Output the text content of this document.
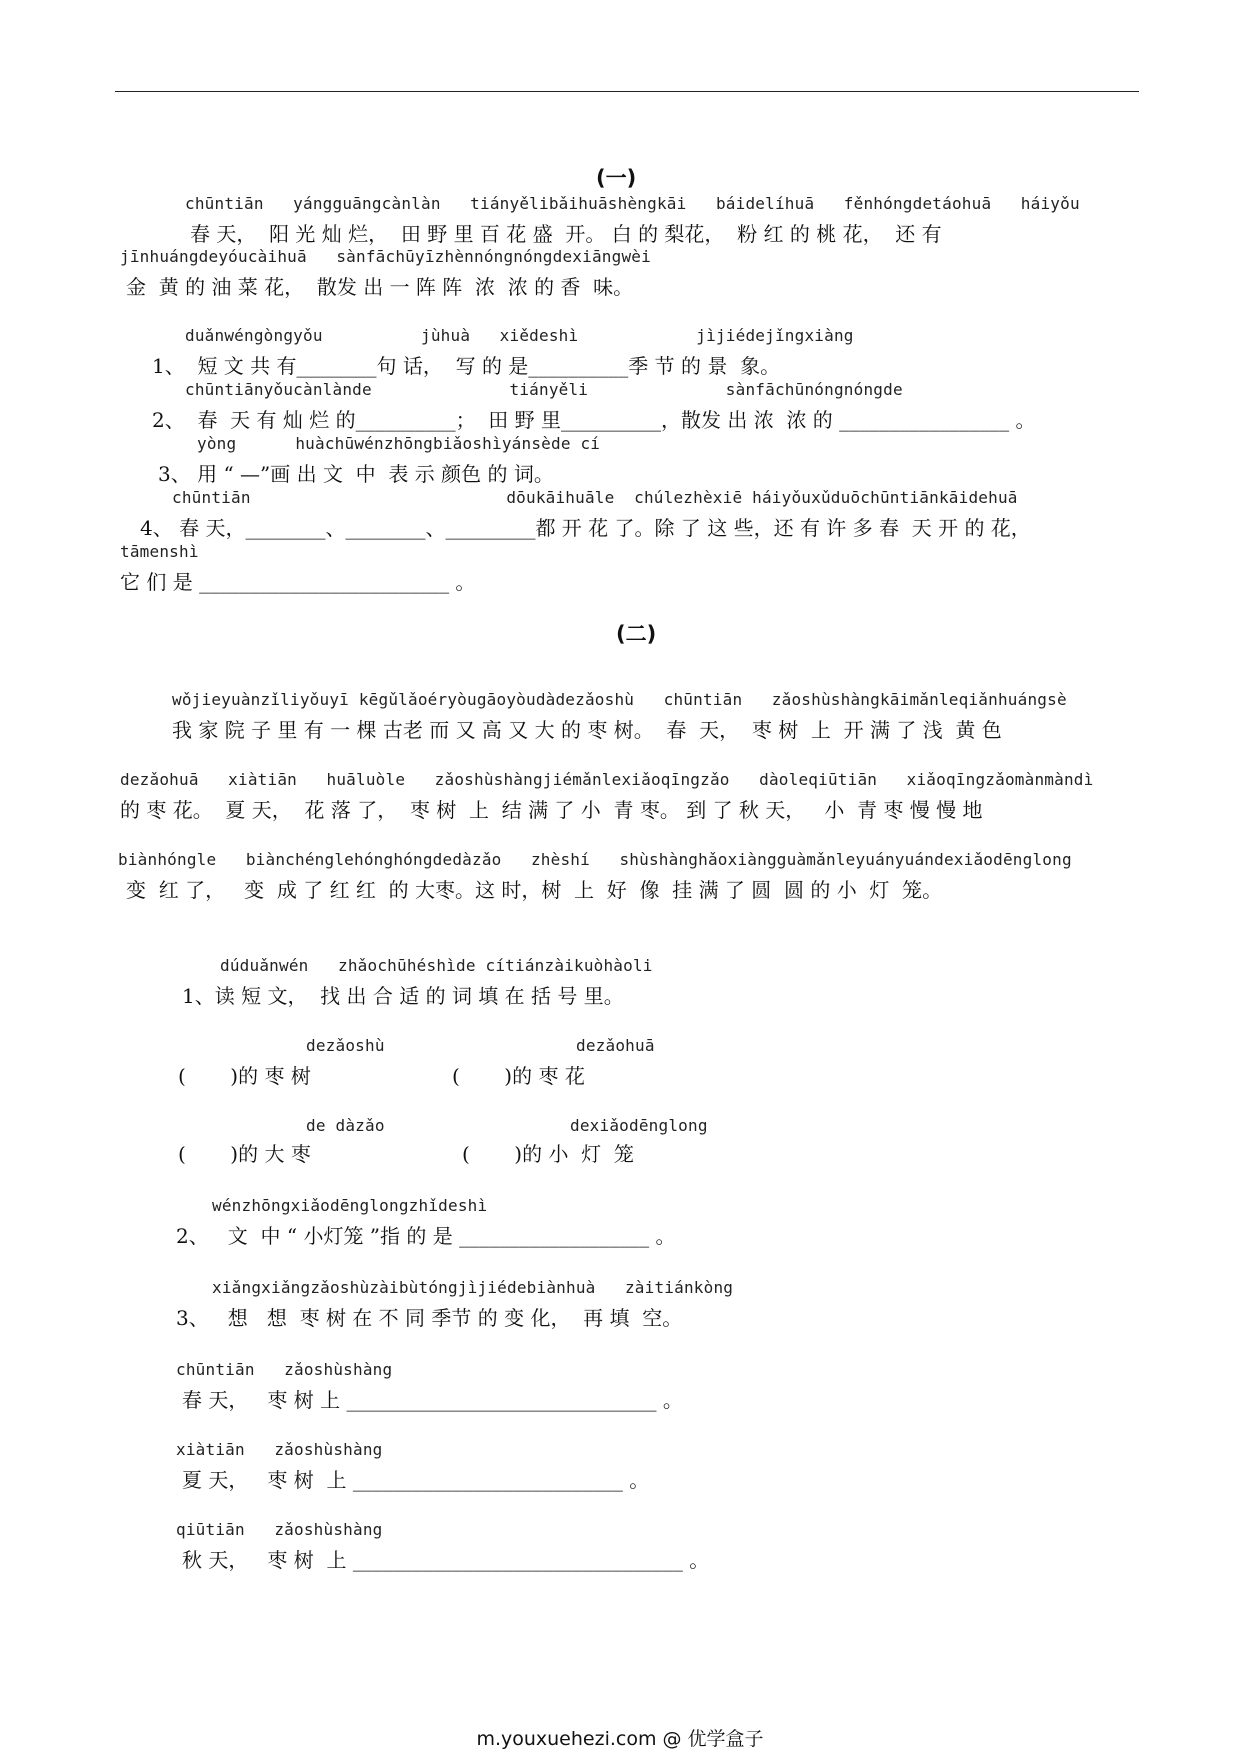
(一)
chūntiān   yángguāngcànlàn   tiányělibǎihuāshèngkāi   báidelíhuā   fěnhóngdetáohuā   háiyǒu
春 天，  阳 光 灿 烂，  田 野 里 百 花 盛  开。 白 的 梨花，  粉 红 的 桃 花，  还 有
jīnhuángdeyóucàihuā   sànfāchūyīzhènnóngnóngdexiāngwèi
金  黄 的 油 菜 花，  散发 出 一 阵 阵  浓  浓 的 香  味。
duǎnwéngòngyǒu          jùhuà   xiědeshì            jìjiédejǐngxiàng
1、  短 文 共 有________句 话，  写 的 是__________季 节 的 景  象。
chūntiānyǒucànlànde              tiányěli              sànfāchūnóngnóngde
2、  春  天 有 灿 烂 的__________；  田 野 里__________，散发 出 浓  浓 的 _________________ 。
yòng      huàchūwénzhōngbiǎoshìyánsède cí
3、 用 “ —”画 出 文  中  表 示 颜色 的 词。
chūntiān                          dōukāihuāle  chúlezhèxiē háiyǒuxǔduōchūntiānkāidehuā
4、 春 天，________、________、_________都 开 花 了。除 了 这 些，还 有 许 多 春  天 开 的 花，
tāmenshì
它 们 是 _________________________ 。
(二)
wǒjieyuànzǐliyǒuyī kēgǔlǎoéryòugāoyòudàdezǎoshù   chūntiān   zǎoshùshàngkāimǎnleqiǎnhuángsè
我 家 院 子 里 有 一 棵 古老 而 又 高 又 大 的 枣 树。  春  天，  枣 树  上  开 满 了 浅  黄 色
dezǎohuā   xiàtiān   huāluòle   zǎoshùshàngjiémǎnlexiǎoqīngzǎo   dàoleqiūtiān   xiǎoqīngzǎomànmàndì
的 枣 花。  夏 天，  花 落 了，  枣 树  上  结 满 了 小  青 枣。 到 了 秋 天，   小  青 枣 慢 慢 地
biànhóngle   biànchénglehónghóngdedàzǎo   zhèshí   shùshànghǎoxiàngguàmǎnleyuányuándexiǎodēnglong
变  红 了，   变  成 了 红 红  的 大枣。这 时，树  上  好  像  挂 满 了 圆  圆 的 小  灯  笼。
dúduǎnwén   zhǎochūhéshìde cítiánzàikuòhàoli
1、读 短 文，  找 出 合 适 的 词 填 在 括 号 里。
dezǎoshù
(       )的 枣 树
dezǎohuā
(       )的 枣 花
de dàzǎo
(       )的 大 枣
dexiǎodēnglong
(       )的 小  灯  笼
wénzhōngxiǎodēnglongzhǐdeshì
2、   文  中 “ 小灯笼 ”指 的 是 ___________________ 。
xiǎngxiǎngzǎoshùzàibùtóngjìjiédebiànhuà   zàitiánkòng
3、   想   想  枣 树 在 不 同 季节 的 变 化，  再 填  空。
chūntiān   zǎoshùshàng
春 天，   枣 树 上 _______________________________ 。
xiàtiān   zǎoshùshàng
夏 天，   枣 树  上 ___________________________ 。
qiūtiān   zǎoshùshàng
秋 天，   枣 树  上 _________________________________ 。
m.youxuehezi.com @ 优学盒子
